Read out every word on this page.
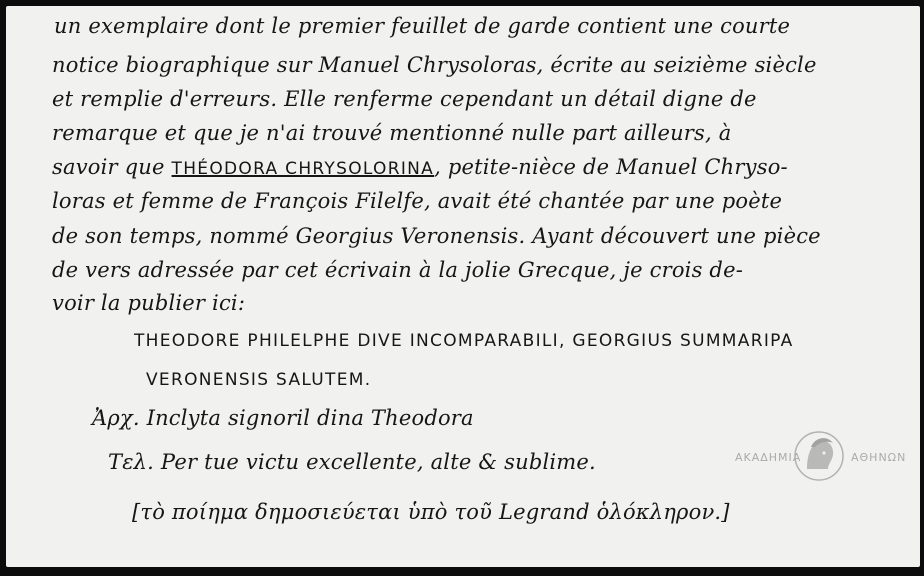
un exemplaire dont le premier feuillet de garde contient une courte
notice biographique sur Manuel Chrysoloras, écrite au seizième siècle
et remplie d'erreurs. Elle renferme cependant un détail digne de
remarque et que je n'ai trouvé mentionné nulle part ailleurs, à
savoir que THÉODORA CHRYSOLORINA, petite-nièce de Manuel Chryso-
loras et femme de François Filelfe, avait été chantée par une poète
de son temps, nommé Georgius Veronensis. Ayant découvert une pièce
de vers adressée par cet écrivain à la jolie Grecque, je crois de-
voir la publier ici:
THEODORE PHILELPHE DIVE INCOMPARABILI, GEORGIUS SUMMARIPA
VERONENSIS SALUTEM.
Ἀρχ. Inclyta signoril dina Theodora
Τελ. Per tue victu excellente, alte & sublime.
[τὸ ποίημα δημοσιεύεται ὑπὸ τοῦ Legrand ὁλόκληρον.]
ΑΚΑΔΗΜΙΑ	ΑΘΗΝΩΝ
